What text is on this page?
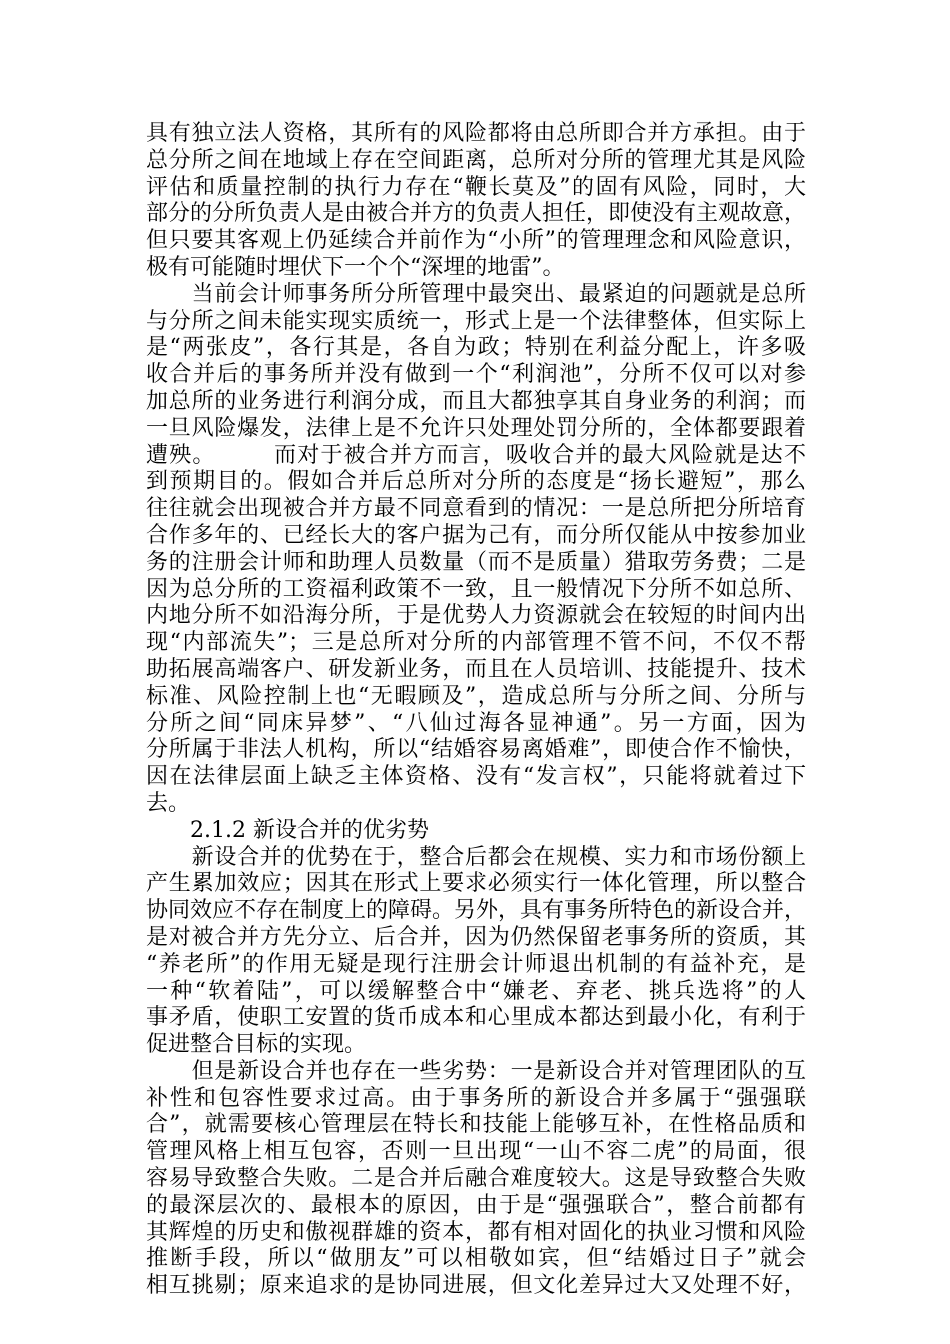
具有独立法人资格，其所有的风险都将由总所即合并方承担。由于
总分所之间在地域上存在空间距离，总所对分所的管理尤其是风险
评估和质量控制的执行力存在“鞭长莫及”的固有风险，同时，大
部分的分所负责人是由被合并方的负责人担任，即使没有主观故意，
但只要其客观上仍延续合并前作为“小所”的管理理念和风险意识，
极有可能随时埋伏下一个个“深埋的地雷”。
　　当前会计师事务所分所管理中最突出、最紧迫的问题就是总所
与分所之间未能实现实质统一，形式上是一个法律整体，但实际上
是“两张皮”，各行其是，各自为政；特别在利益分配上，许多吸
收合并后的事务所并没有做到一个“利润池”，分所不仅可以对参
加总所的业务进行利润分成，而且大都独享其自身业务的利润；而
一旦风险爆发，法律上是不允许只处理处罚分所的，全体都要跟着
遭殃。　　　而对于被合并方而言，吸收合并的最大风险就是达不
到预期目的。假如合并后总所对分所的态度是“扬长避短”，那么
往往就会出现被合并方最不同意看到的情况：一是总所把分所培育
合作多年的、已经长大的客户据为己有，而分所仅能从中按参加业
务的注册会计师和助理人员数量（而不是质量）猎取劳务费；二是
因为总分所的工资福利政策不一致，且一般情况下分所不如总所、
内地分所不如沿海分所，于是优势人力资源就会在较短的时间内出
现“内部流失”；三是总所对分所的内部管理不管不问，不仅不帮
助拓展高端客户、研发新业务，而且在人员培训、技能提升、技术
标准、风险控制上也“无暇顾及”，造成总所与分所之间、分所与
分所之间“同床异梦”、“八仙过海各显神通”。另一方面，因为
分所属于非法人机构，所以“结婚容易离婚难”，即使合作不愉快，
因在法律层面上缺乏主体资格、没有“发言权”，只能将就着过下
去。
　　2.1.2 新设合并的优劣势
　　新设合并的优势在于，整合后都会在规模、实力和市场份额上
产生累加效应；因其在形式上要求必须实行一体化管理，所以整合
协同效应不存在制度上的障碍。另外，具有事务所特色的新设合并，
是对被合并方先分立、后合并，因为仍然保留老事务所的资质，其
“养老所”的作用无疑是现行注册会计师退出机制的有益补充，是
一种“软着陆”，可以缓解整合中“嫌老、弃老、挑兵选将”的人
事矛盾，使职工安置的货币成本和心里成本都达到最小化，有利于
促进整合目标的实现。
　　但是新设合并也存在一些劣势：一是新设合并对管理团队的互
补性和包容性要求过高。由于事务所的新设合并多属于“强强联
合”，就需要核心管理层在特长和技能上能够互补，在性格品质和
管理风格上相互包容，否则一旦出现“一山不容二虎”的局面，很
容易导致整合失败。二是合并后融合难度较大。这是导致整合失败
的最深层次的、最根本的原因，由于是“强强联合”，整合前都有
其辉煌的历史和傲视群雄的资本，都有相对固化的执业习惯和风险
推断手段，所以“做朋友”可以相敬如宾，但“结婚过日子”就会
相互挑剔；原来追求的是协同进展，但文化差异过大又处理不好，
